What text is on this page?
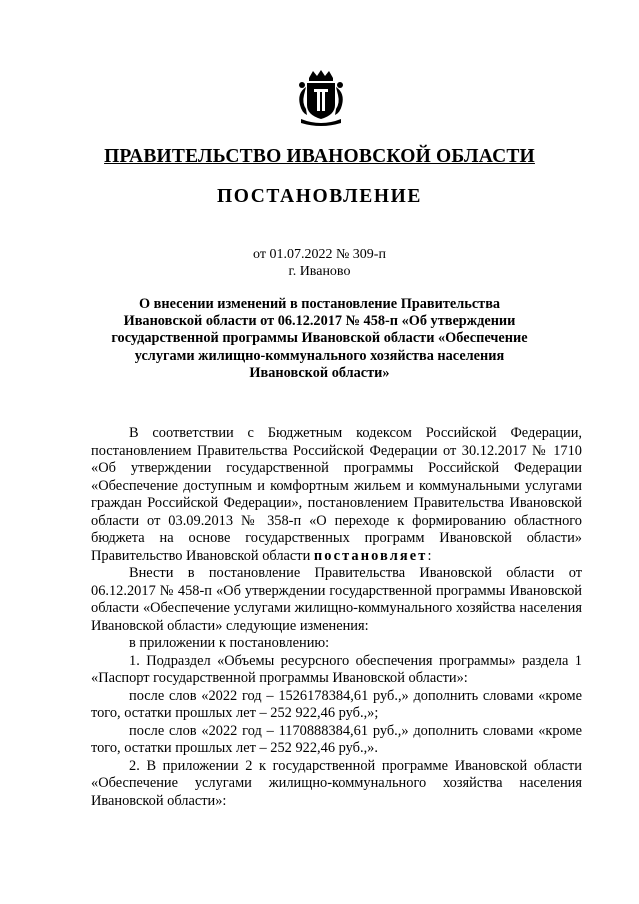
ПРАВИТЕЛЬСТВО ИВАНОВСКОЙ ОБЛАСТИ
ПОСТАНОВЛЕНИЕ
от 01.07.2022 № 309-п
г. Иваново
О внесении изменений в постановление Правительства Ивановской области от 06.12.2017 № 458-п «Об утверждении государственной программы Ивановской области «Обеспечение услугами жилищно-коммунального хозяйства населения Ивановской области»

В соответствии с Бюджетным кодексом Российской Федерации, постановлением Правительства Российской Федерации от 30.12.2017 № 1710 «Об утверждении государственной программы Российской Федерации «Обеспечение доступным и комфортным жильем и коммунальными услугами граждан Российской Федерации», постановлением Правительства Ивановской области от 03.09.2013 № 358-п «О переходе к формированию областного бюджета на основе государственных программ Ивановской области» Правительство Ивановской области постановляет:

Внести в постановление Правительства Ивановской области от 06.12.2017 № 458-п «Об утверждении государственной программы Ивановской области «Обеспечение услугами жилищно-коммунального хозяйства населения Ивановской области» следующие изменения:

в приложении к постановлению:

1. Подраздел «Объемы ресурсного обеспечения программы» раздела 1 «Паспорт государственной программы Ивановской области»:

после слов «2022 год – 1526178384,61 руб.,» дополнить словами «кроме того, остатки прошлых лет – 252 922,46 руб.,»;

после слов «2022 год – 1170888384,61 руб.,» дополнить словами «кроме того, остатки прошлых лет – 252 922,46 руб.,».

2. В приложении 2 к государственной программе Ивановской области «Обеспечение услугами жилищно-коммунального хозяйства населения Ивановской области»:
